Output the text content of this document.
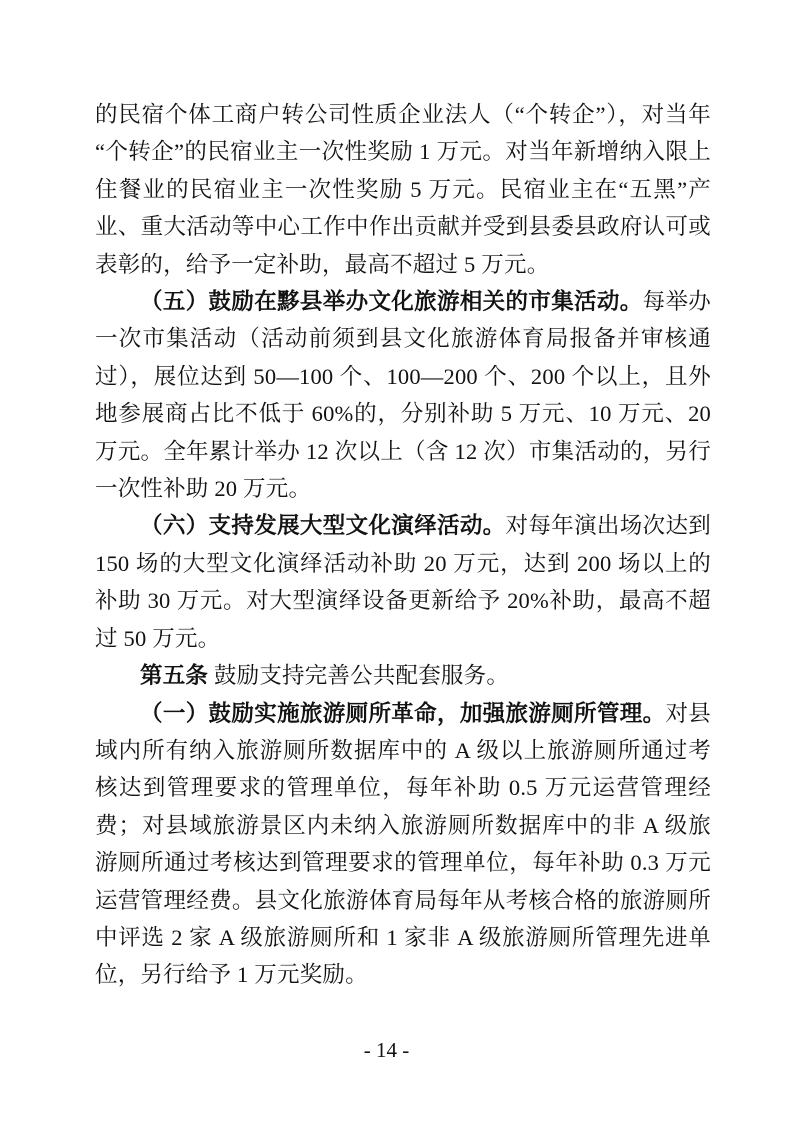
的民宿个体工商户转公司性质企业法人（“个转企”），对当年“个转企”的民宿业主一次性奖励 1 万元。对当年新增纳入限上住餐业的民宿业主一次性奖励 5 万元。民宿业主在“五黑”产业、重大活动等中心工作中作出贡献并受到县委县政府认可或表彰的，给予一定补助，最高不超过 5 万元。

（五）鼓励在黟县举办文化旅游相关的市集活动。每举办一次市集活动（活动前须到县文化旅游体育局报备并审核通过），展位达到 50—100 个、100—200 个、200 个以上，且外地参展商占比不低于 60%的，分别补助 5 万元、10 万元、20 万元。全年累计举办 12 次以上（含 12 次）市集活动的，另行一次性补助 20 万元。

（六）支持发展大型文化演绎活动。对每年演出场次达到 150 场的大型文化演绎活动补助 20 万元，达到 200 场以上的补助 30 万元。对大型演绎设备更新给予 20%补助，最高不超过 50 万元。

第五条 鼓励支持完善公共配套服务。

（一）鼓励实施旅游厕所革命，加强旅游厕所管理。对县域内所有纳入旅游厕所数据库中的 A 级以上旅游厕所通过考核达到管理要求的管理单位，每年补助 0.5 万元运营管理经费；对县域旅游景区内未纳入旅游厕所数据库中的非 A 级旅游厕所通过考核达到管理要求的管理单位，每年补助 0.3 万元运营管理经费。县文化旅游体育局每年从考核合格的旅游厕所中评选 2 家 A 级旅游厕所和 1 家非 A 级旅游厕所管理先进单位，另行给予 1 万元奖励。

- 14 -
